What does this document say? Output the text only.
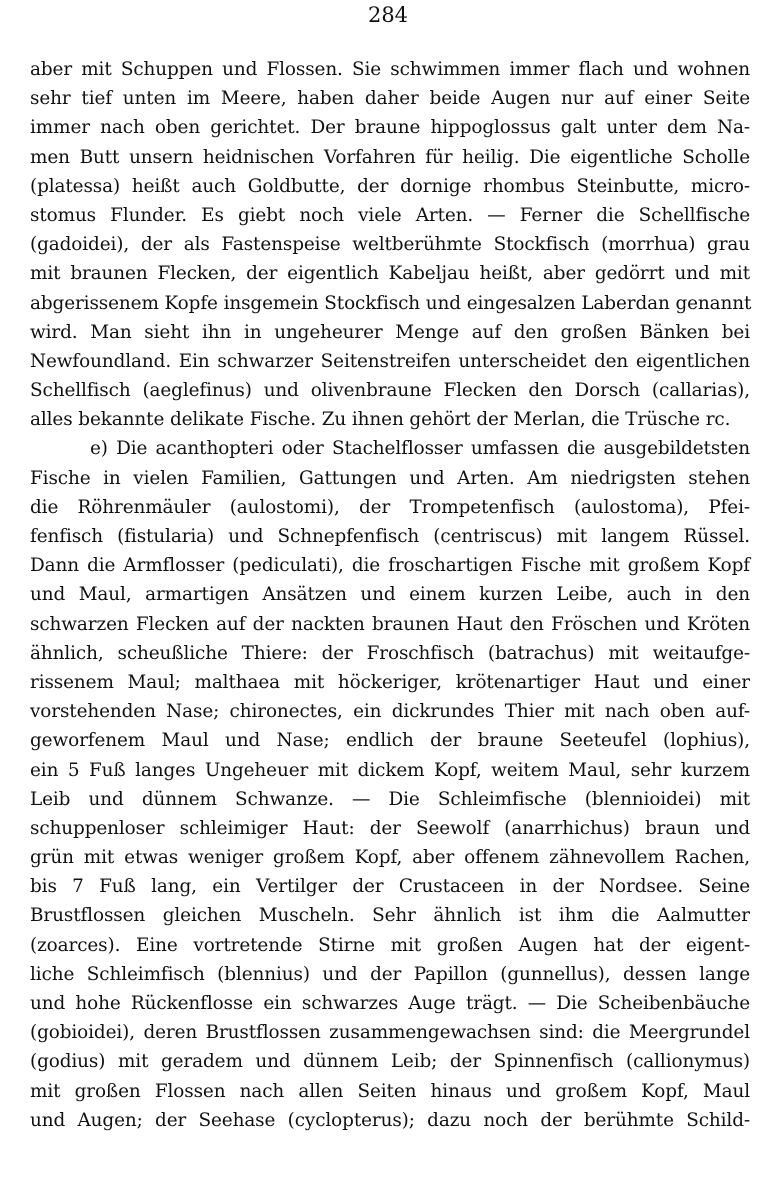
284
aber mit Schuppen und Flossen. Sie schwimmen immer flach und wohnen
sehr tief unten im Meere, haben daher beide Augen nur auf einer Seite
immer nach oben gerichtet. Der braune hippoglossus galt unter dem Na-
men Butt unsern heidnischen Vorfahren für heilig. Die eigentliche Scholle
(platessa) heißt auch Goldbutte, der dornige rhombus Steinbutte, micro-
stomus Flunder. Es giebt noch viele Arten. — Ferner die Schellfische
(gadoidei), der als Fastenspeise weltberühmte Stockfisch (morrhua) grau
mit braunen Flecken, der eigentlich Kabeljau heißt, aber gedörrt und mit
abgerissenem Kopfe insgemein Stockfisch und eingesalzen Laberdan genannt
wird. Man sieht ihn in ungeheurer Menge auf den großen Bänken bei
Newfoundland. Ein schwarzer Seitenstreifen unterscheidet den eigentlichen
Schellfisch (aeglefinus) und olivenbraune Flecken den Dorsch (callarias),
alles bekannte delikate Fische. Zu ihnen gehört der Merlan, die Trüsche rc.
e) Die acanthopteri oder Stachelflosser umfassen die ausgebildetsten
Fische in vielen Familien, Gattungen und Arten. Am niedrigsten stehen
die Röhrenmäuler (aulostomi), der Trompetenfisch (aulostoma), Pfei-
fenfisch (fistularia) und Schnepfenfisch (centriscus) mit langem Rüssel.
Dann die Armflosser (pediculati), die froschartigen Fische mit großem Kopf
und Maul, armartigen Ansätzen und einem kurzen Leibe, auch in den
schwarzen Flecken auf der nackten braunen Haut den Fröschen und Kröten
ähnlich, scheußliche Thiere: der Froschfisch (batrachus) mit weitaufge-
rissenem Maul; malthaea mit höckeriger, krötenartiger Haut und einer
vorstehenden Nase; chironectes, ein dickrundes Thier mit nach oben auf-
geworfenem Maul und Nase; endlich der braune Seeteufel (lophius),
ein 5 Fuß langes Ungeheuer mit dickem Kopf, weitem Maul, sehr kurzem
Leib und dünnem Schwanze. — Die Schleimfische (blennioidei) mit
schuppenloser schleimiger Haut: der Seewolf (anarrhichus) braun und
grün mit etwas weniger großem Kopf, aber offenem zähnevollem Rachen,
bis 7 Fuß lang, ein Vertilger der Crustaceen in der Nordsee. Seine
Brustflossen gleichen Muscheln. Sehr ähnlich ist ihm die Aalmutter
(zoarces). Eine vortretende Stirne mit großen Augen hat der eigent-
liche Schleimfisch (blennius) und der Papillon (gunnellus), dessen lange
und hohe Rückenflosse ein schwarzes Auge trägt. — Die Scheibenbäuche
(gobioidei), deren Brustflossen zusammengewachsen sind: die Meergrundel
(godius) mit geradem und dünnem Leib; der Spinnenfisch (callionymus)
mit großen Flossen nach allen Seiten hinaus und großem Kopf, Maul
und Augen; der Seehase (cyclopterus); dazu noch der berühmte Schild-
